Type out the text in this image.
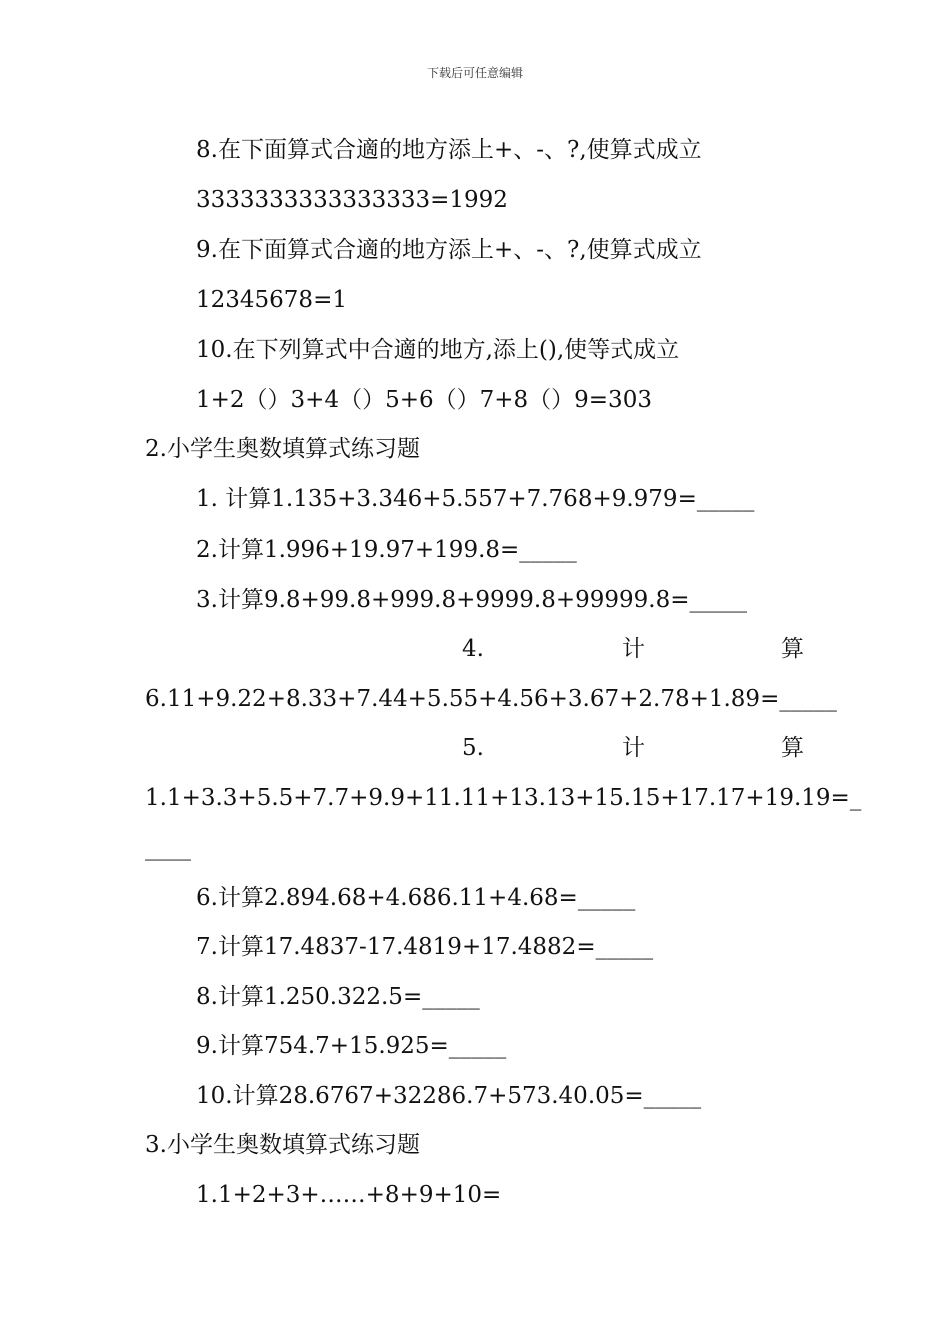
下载后可任意编辑
8.在下面算式合適的地方添上+、-、?,使算式成立
3333333333333333=1992
9.在下面算式合適的地方添上+、-、?,使算式成立
12345678=1
10.在下列算式中合適的地方,添上(),使等式成立
1+2（）3+4（）5+6（）7+8（）9=303
2.小学生奥数填算式练习题
1. 计算1.135+3.346+5.557+7.768+9.979=_____
2.计算1.996+19.97+199.8=_____
3.计算9.8+99.8+999.8+9999.8+99999.8=_____
4.	计	算
6.11+9.22+8.33+7.44+5.55+4.56+3.67+2.78+1.89=_____
5.	计	算
1.1+3.3+5.5+7.7+9.9+11.11+13.13+15.15+17.17+19.19=_
____
6.计算2.894.68+4.686.11+4.68=_____
7.计算17.4837-17.4819+17.4882=_____
8.计算1.250.322.5=_____
9.计算754.7+15.925=_____
10.计算28.6767+32286.7+573.40.05=_____
3.小学生奥数填算式练习题
1.1+2+3+……+8+9+10=
